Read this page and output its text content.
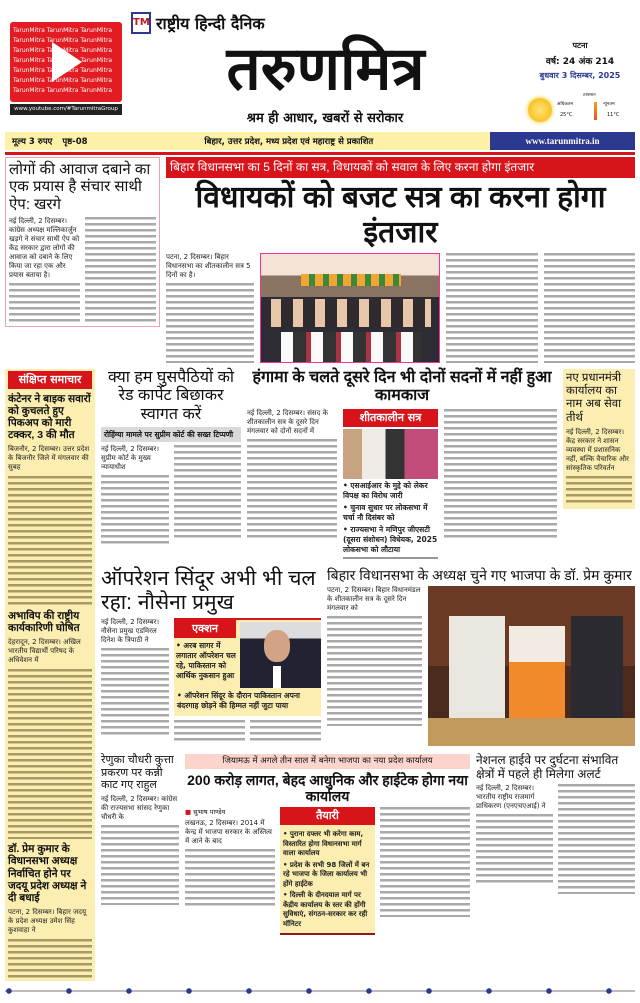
TarunMitra TarunMitra TarunMitra
TarunMitra TarunMitra TarunMitra
TarunMitra TarunMitra TarunMitra
TarunMitra TarunMitra TarunMitra
TarunMitra TarunMitra TarunMitra
TarunMitra TarunMitra TarunMitra
TarunMitra TarunMitra TarunMitra
www.youtube.com/#TarunmitraGroup
TM राष्ट्रीय हिन्दी दैनिक
तरुणमित्र
श्रम ही आधार, खबरों से सरोकार
पटना
वर्ष: 24 अंक 214
बुधवार 3 दिसम्बर, 2025
तापमान
अधिकतम
25°C
न्यूनतम
11°C
मूल्य 3 रुपए पृष्ठ-08	बिहार, उत्तर प्रदेश, मध्य प्रदेश एवं महाराष्ट्र से प्रकाशित	www.tarunmitra.in
लोगों की आवाज दबाने का एक प्रयास है संचार साथी ऐप: खरगे
नई दिल्ली, 2 दिसम्बर। कांग्रेस अध्यक्ष मल्लिकार्जुन खड़गे ने संचार साथी ऐप को केंद्र सरकार द्वारा लोगों की आवाज को दबाने के लिए किया जा रहा एक और प्रयास बताया है।
बिहार विधानसभा का 5 दिनों का सत्र, विधायकों को सवाल के लिए करना होगा इंतजार
विधायकों को बजट सत्र का करना होगा इंतजार
पटना, 2 दिसम्बर। बिहार विधानसभा का शीतकालीन सत्र 5 दिनों का है।
संक्षिप्त समाचार
कंटेनर ने बाइक सवारों को कुचलते हुए पिकअप को मारी टक्कर, 3 की मौत
बिजनौर, 2 दिसम्बर। उत्तर प्रदेश के बिजनौर जिले में मंगलवार की सुबह
अभाविप की राष्ट्रीय कार्यकारिणी घोषित
देहरादून, 2 दिसम्बर। अखिल भारतीय विद्यार्थी परिषद के अधिवेशन में
डॉ. प्रेम कुमार के विधानसभा अध्यक्ष निर्वाचित होने पर जदयू प्रदेश अध्यक्ष ने दी बधाई
पटना, 2 दिसम्बर। बिहार जदयू के प्रदेश अध्यक्ष उमेश सिंह कुशवाहा ने
क्या हम घुसपैठियों को रेड कार्पेट बिछाकर स्वागत करें
रोहिंग्या मामले पर सुप्रीम कोर्ट की सख्त टिप्पणी
नई दिल्ली, 2 दिसम्बर। सुप्रीम कोर्ट के मुख्य न्यायाधीश
हंगामा के चलते दूसरे दिन भी दोनों सदनों में नहीं हुआ कामकाज
नई दिल्ली, 2 दिसम्बर। संसद के शीतकालीन सत्र के दूसरे दिन मंगलवार को दोनों सदनों में
शीतकालीन सत्र
• एसआईआर के मुद्दे को लेकर विपक्ष का विरोध जारी
• चुनाव सुधार पर लोकसभा में चर्चा नौ दिसंबर को
• राज्यसभा ने मणिपुर जीएसटी (दूसरा संशोधन) विधेयक, 2025 लोकसभा को लौटाया
नए प्रधानमंत्री कार्यालय का नाम अब सेवा तीर्थ
नई दिल्ली, 2 दिसम्बर। केंद्र सरकार ने शासन व्यवस्था में प्रशासनिक नहीं, बल्कि वैचारिक और सांस्कृतिक परिवर्तन
ऑपरेशन सिंदूर अभी भी चल रहा: नौसेना प्रमुख
नई दिल्ली, 2 दिसम्बर। नौसेना प्रमुख एडमिरल दिनेश के त्रिपाठी ने
एक्शन
• अरब सागर में लगातार ऑपरेशन चल रहे, पाकिस्तान को आर्थिक नुकसान हुआ
• ऑपरेशन सिंदूर के दौरान पाकिस्तान अपना बंदरगाह छोड़ने की हिम्मत नहीं जुटा पाया
बिहार विधानसभा के अध्यक्ष चुने गए भाजपा के डॉ. प्रेम कुमार
पटना, 2 दिसम्बर। बिहार विधानमंडल के शीतकालीन सत्र के दूसरे दिन मंगलवार को
रेणुका चौधरी कुत्ता प्रकरण पर कन्नी काट गए राहुल
नई दिल्ली, 2 दिसम्बर। कांग्रेस की राज्यसभा सांसद रेणुका चौधरी के
जियामऊ में अगले तीन साल में बनेगा भाजपा का नया प्रदेश कार्यालय
200 करोड़ लागत, बेहद आधुनिक और हाईटेक होगा नया कार्यालय
■ सुभाष पाण्डेय
लखनऊ, 2 दिसम्बर। 2014 में केन्द्र में भाजपा सरकार के अस्तित्व में आने के बाद
तैयारी
• पुराना दफ्तर भी करेगा काम, विस्तारित होगा विधानसभा मार्ग वाला कार्यालय
• प्रदेश के सभी 98 जिलों में बन रहे भाजपा के जिला कार्यालय भी होंगे हाईटेक
• दिल्ली के दीनदयाल मार्ग पर केंद्रीय कार्यालय के स्तर की होंगी सुविधाएं, संगठन-सरकार कर रही मॉनिटर
नेशनल हाईवे पर दुर्घटना संभावित क्षेत्रों में पहले ही मिलेगा अलर्ट
नई दिल्ली, 2 दिसम्बर। भारतीय राष्ट्रीय राजमार्ग प्राधिकरण (एनएचएआई) ने
